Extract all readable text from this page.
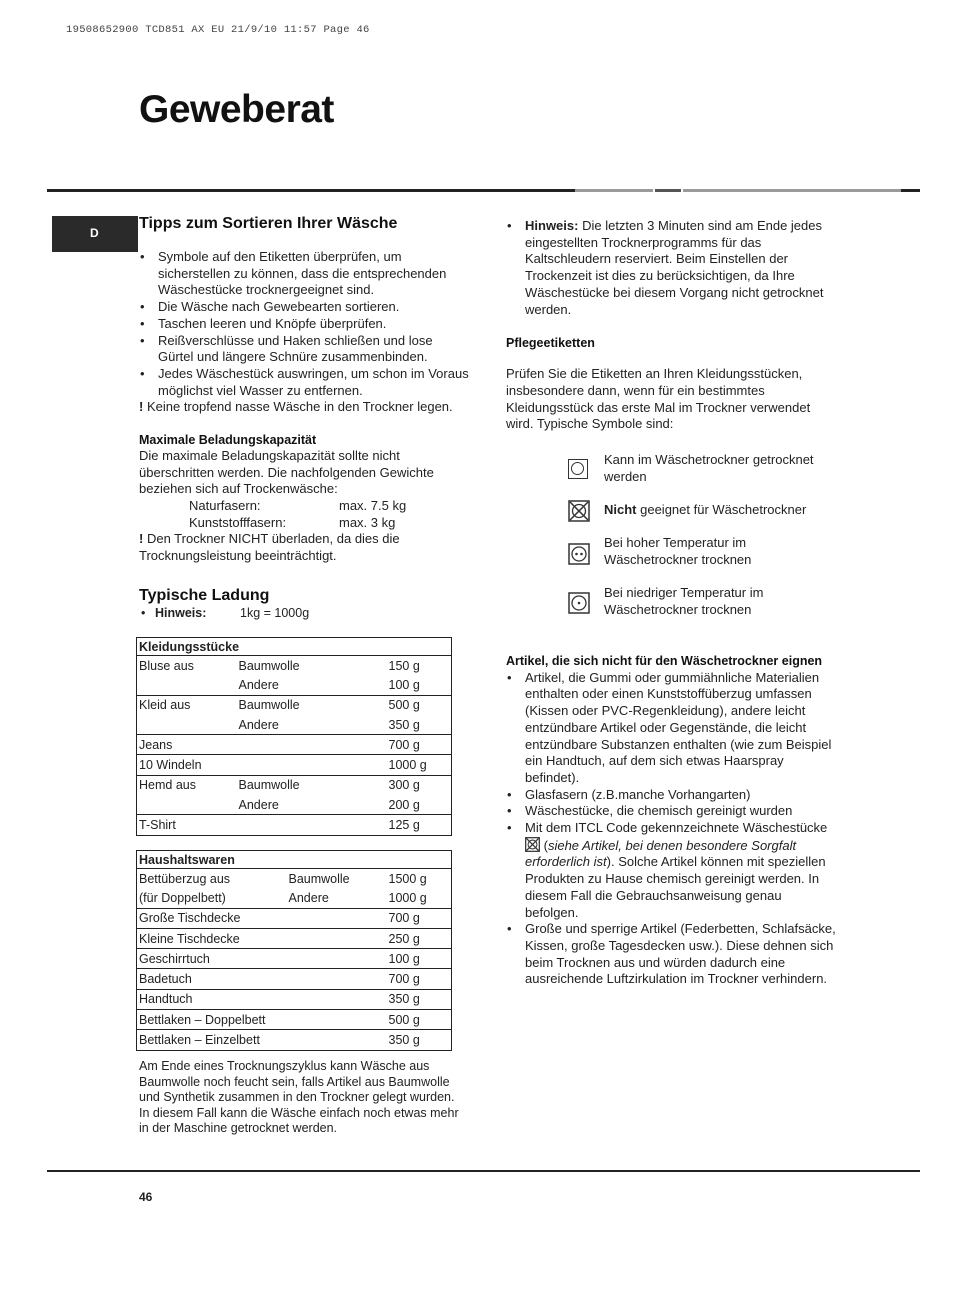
19508652900 TCD851 AX EU 21/9/10 11:57 Page 46
Geweberat
D
Tipps zum Sortieren Ihrer Wäsche
• Symbole auf den Etiketten überprüfen, um sicherstellen zu können, dass die entsprechenden Wäschestücke trocknergeeignet sind.
• Die Wäsche nach Gewebearten sortieren.
• Taschen leeren und Knöpfe überprüfen.
• Reißverschlüsse und Haken schließen und lose Gürtel und längere Schnüre zusammenbinden.
• Jedes Wäschestück auswringen, um schon im Voraus möglichst viel Wasser zu entfernen.

! Keine tropfend nasse Wäsche in den Trockner legen.

Maximale Beladungskapazität

Die maximale Beladungskapazität sollte nicht überschritten werden. Die nachfolgenden Gewichte beziehen sich auf Trockenwäsche:

Naturfasern:	max. 7.5 kg
Kunststofffasern:	max. 3 kg

! Den Trockner NICHT überladen, da dies die Trocknungsleistung beeinträchtigt.

Typische Ladung
• Hinweis:	1kg = 1000g
Kleidungsstücke		
Bluse aus	Baumwolle	150 g
	Andere	100 g
Kleid aus	Baumwolle	500 g
	Andere	350 g
Jeans		700 g
10 Windeln		1000 g
Hemd aus	Baumwolle	300 g
	Andere	200 g
T-Shirt		125 g
Haushaltswaren		
Bettüberzug aus	Baumwolle	1500 g
(für Doppelbett)	Andere	1000 g
Große Tischdecke		700 g
Kleine Tischdecke		250 g
Geschirrtuch		100 g
Badetuch		700 g
Handtuch		350 g
Bettlaken – Doppelbett		500 g
Bettlaken – Einzelbett		350 g

Am Ende eines Trocknungszyklus kann Wäsche aus Baumwolle noch feucht sein, falls Artikel aus Baumwolle und Synthetik zusammen in den Trockner gelegt wurden. In diesem Fall kann die Wäsche einfach noch etwas mehr in der Maschine getrocknet werden.

• Hinweis: Die letzten 3 Minuten sind am Ende jedes eingestellten Trocknerprogramms für das Kaltschleudern reserviert. Beim Einstellen der Trockenzeit ist dies zu berücksichtigen, da Ihre Wäschestücke bei diesem Vorgang nicht getrocknet werden.
Pflegeetiketten

Prüfen Sie die Etiketten an Ihren Kleidungsstücken, insbesondere dann, wenn für ein bestimmtes Kleidungsstück das erste Mal im Trockner verwendet wird. Typische Symbole sind:

Kann im Wäschetrockner getrocknet werden
Nicht geeignet für Wäschetrockner
Bei hoher Temperatur im Wäschetrockner trocknen
Bei niedriger Temperatur im Wäschetrockner trocknen
Artikel, die sich nicht für den Wäschetrockner eignen
• Artikel, die Gummi oder gummiähnliche Materialien enthalten oder einen Kunststoffüberzug umfassen (Kissen oder PVC-Regenkleidung), andere leicht entzündbare Artikel oder Gegenstände, die leicht entzündbare Substanzen enthalten (wie zum Beispiel ein Handtuch, auf dem sich etwas Haarspray befindet).
• Glasfasern (z.B.manche Vorhangarten)
• Wäschestücke, die chemisch gereinigt wurden
• Mit dem ITCL Code gekennzeichnete Wäschestücke  (siehe Artikel, bei denen besondere Sorgfalt erforderlich ist). Solche Artikel können mit speziellen Produkten zu Hause chemisch gereinigt werden. In diesem Fall die Gebrauchsanweisung genau befolgen.
• Große und sperrige Artikel (Federbetten, Schlafsäcke, Kissen, große Tagesdecken usw.). Diese dehnen sich beim Trocknen aus und würden dadurch eine ausreichende Luftzirkulation im Trockner verhindern.
46
